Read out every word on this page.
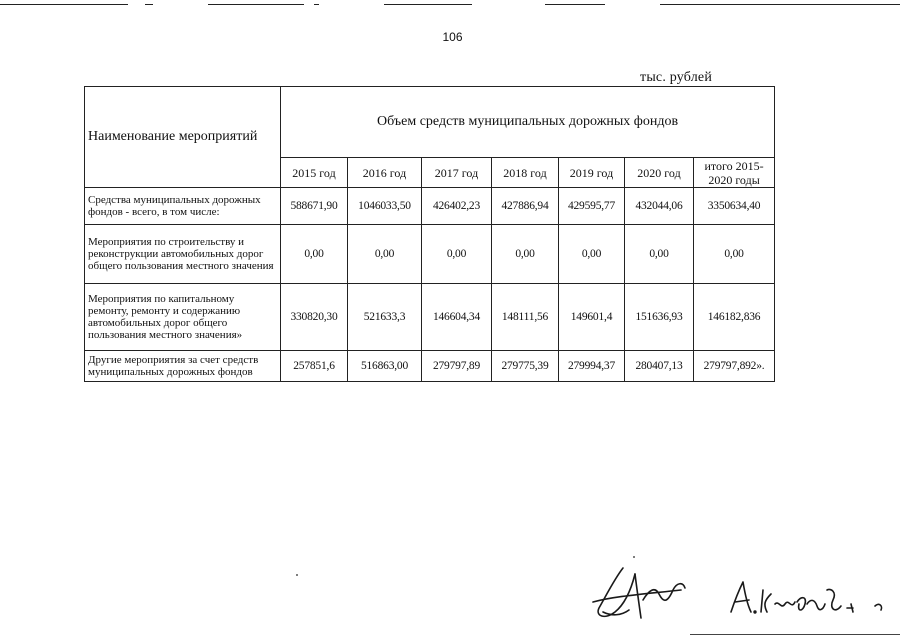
106
тыс. рублей
Наименование мероприятий	Объем средств муниципальных дорожных фондов						
	2015 год	2016 год	2017 год	2018 год	2019 год	2020 год	итого 2015-2020 годы
Средства муниципальных дорожных фондов - всего, в том числе:	588671,90	1046033,50	426402,23	427886,94	429595,77	432044,06	3350634,40
Мероприятия по строительству и реконструкции автомобильных дорог общего пользования местного значения	0,00	0,00	0,00	0,00	0,00	0,00	0,00
Мероприятия по капитальному ремонту, ремонту и содержанию автомобильных дорог общего пользования местного значения»	330820,30	521633,3	146604,34	148111,56	149601,4	151636,93	146182,836
Другие мероприятия за счет средств муниципальных дорожных фондов	257851,6	516863,00	279797,89	279775,39	279994,37	280407,13	279797,892».
